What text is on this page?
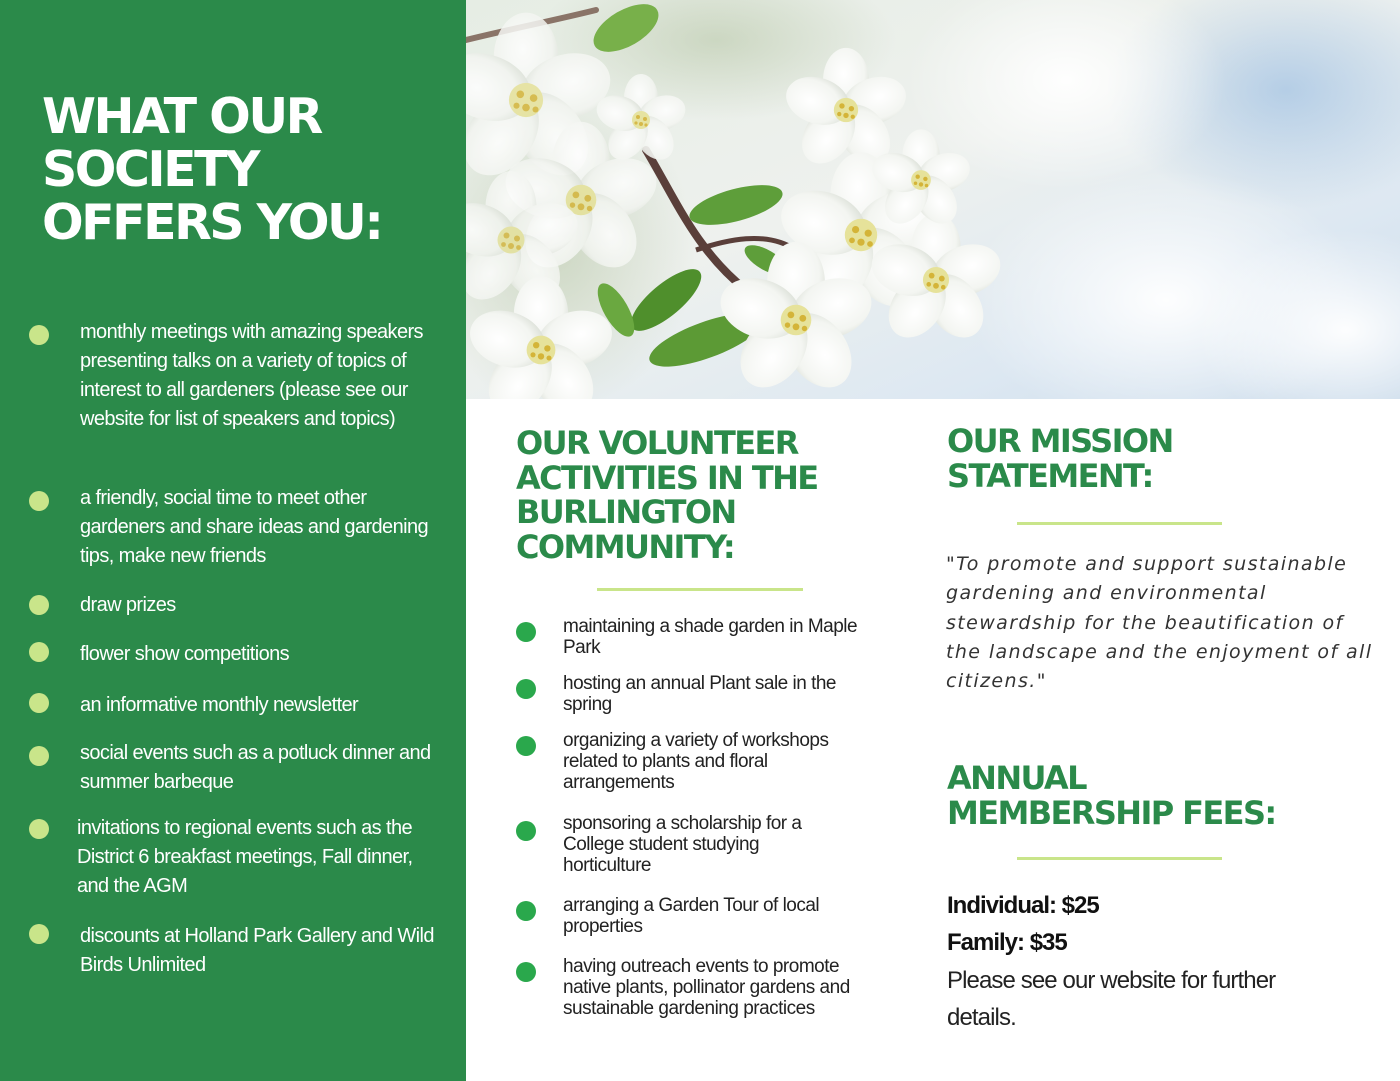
WHAT OUR
SOCIETY
OFFERS YOU:
monthly meetings with amazing speakers presenting talks on a variety of topics of interest to all gardeners (please see our website for list of speakers and topics)
a friendly, social time to meet other gardeners and share ideas and gardening tips, make new friends
draw prizes
flower show competitions
an informative monthly newsletter
social events such as a potluck dinner and summer barbeque
invitations to regional events such as the District 6 breakfast meetings, Fall dinner, and the AGM
discounts at Holland Park Gallery and Wild Birds Unlimited
OUR VOLUNTEER
ACTIVITIES IN THE
BURLINGTON
COMMUNITY:
maintaining a shade garden in Maple Park
hosting an annual Plant sale in the spring
organizing a variety of workshops related to plants and floral arrangements
sponsoring a scholarship for a College student studying horticulture
arranging a Garden Tour of local properties
having outreach events to promote native plants, pollinator gardens and sustainable gardening practices
OUR MISSION
STATEMENT:

"To promote and support sustainable gardening and environmental stewardship for the beautification of the landscape and the enjoyment of all citizens."

ANNUAL
MEMBERSHIP FEES:
Individual: $25
Family: $35

Please see our website for further details.
